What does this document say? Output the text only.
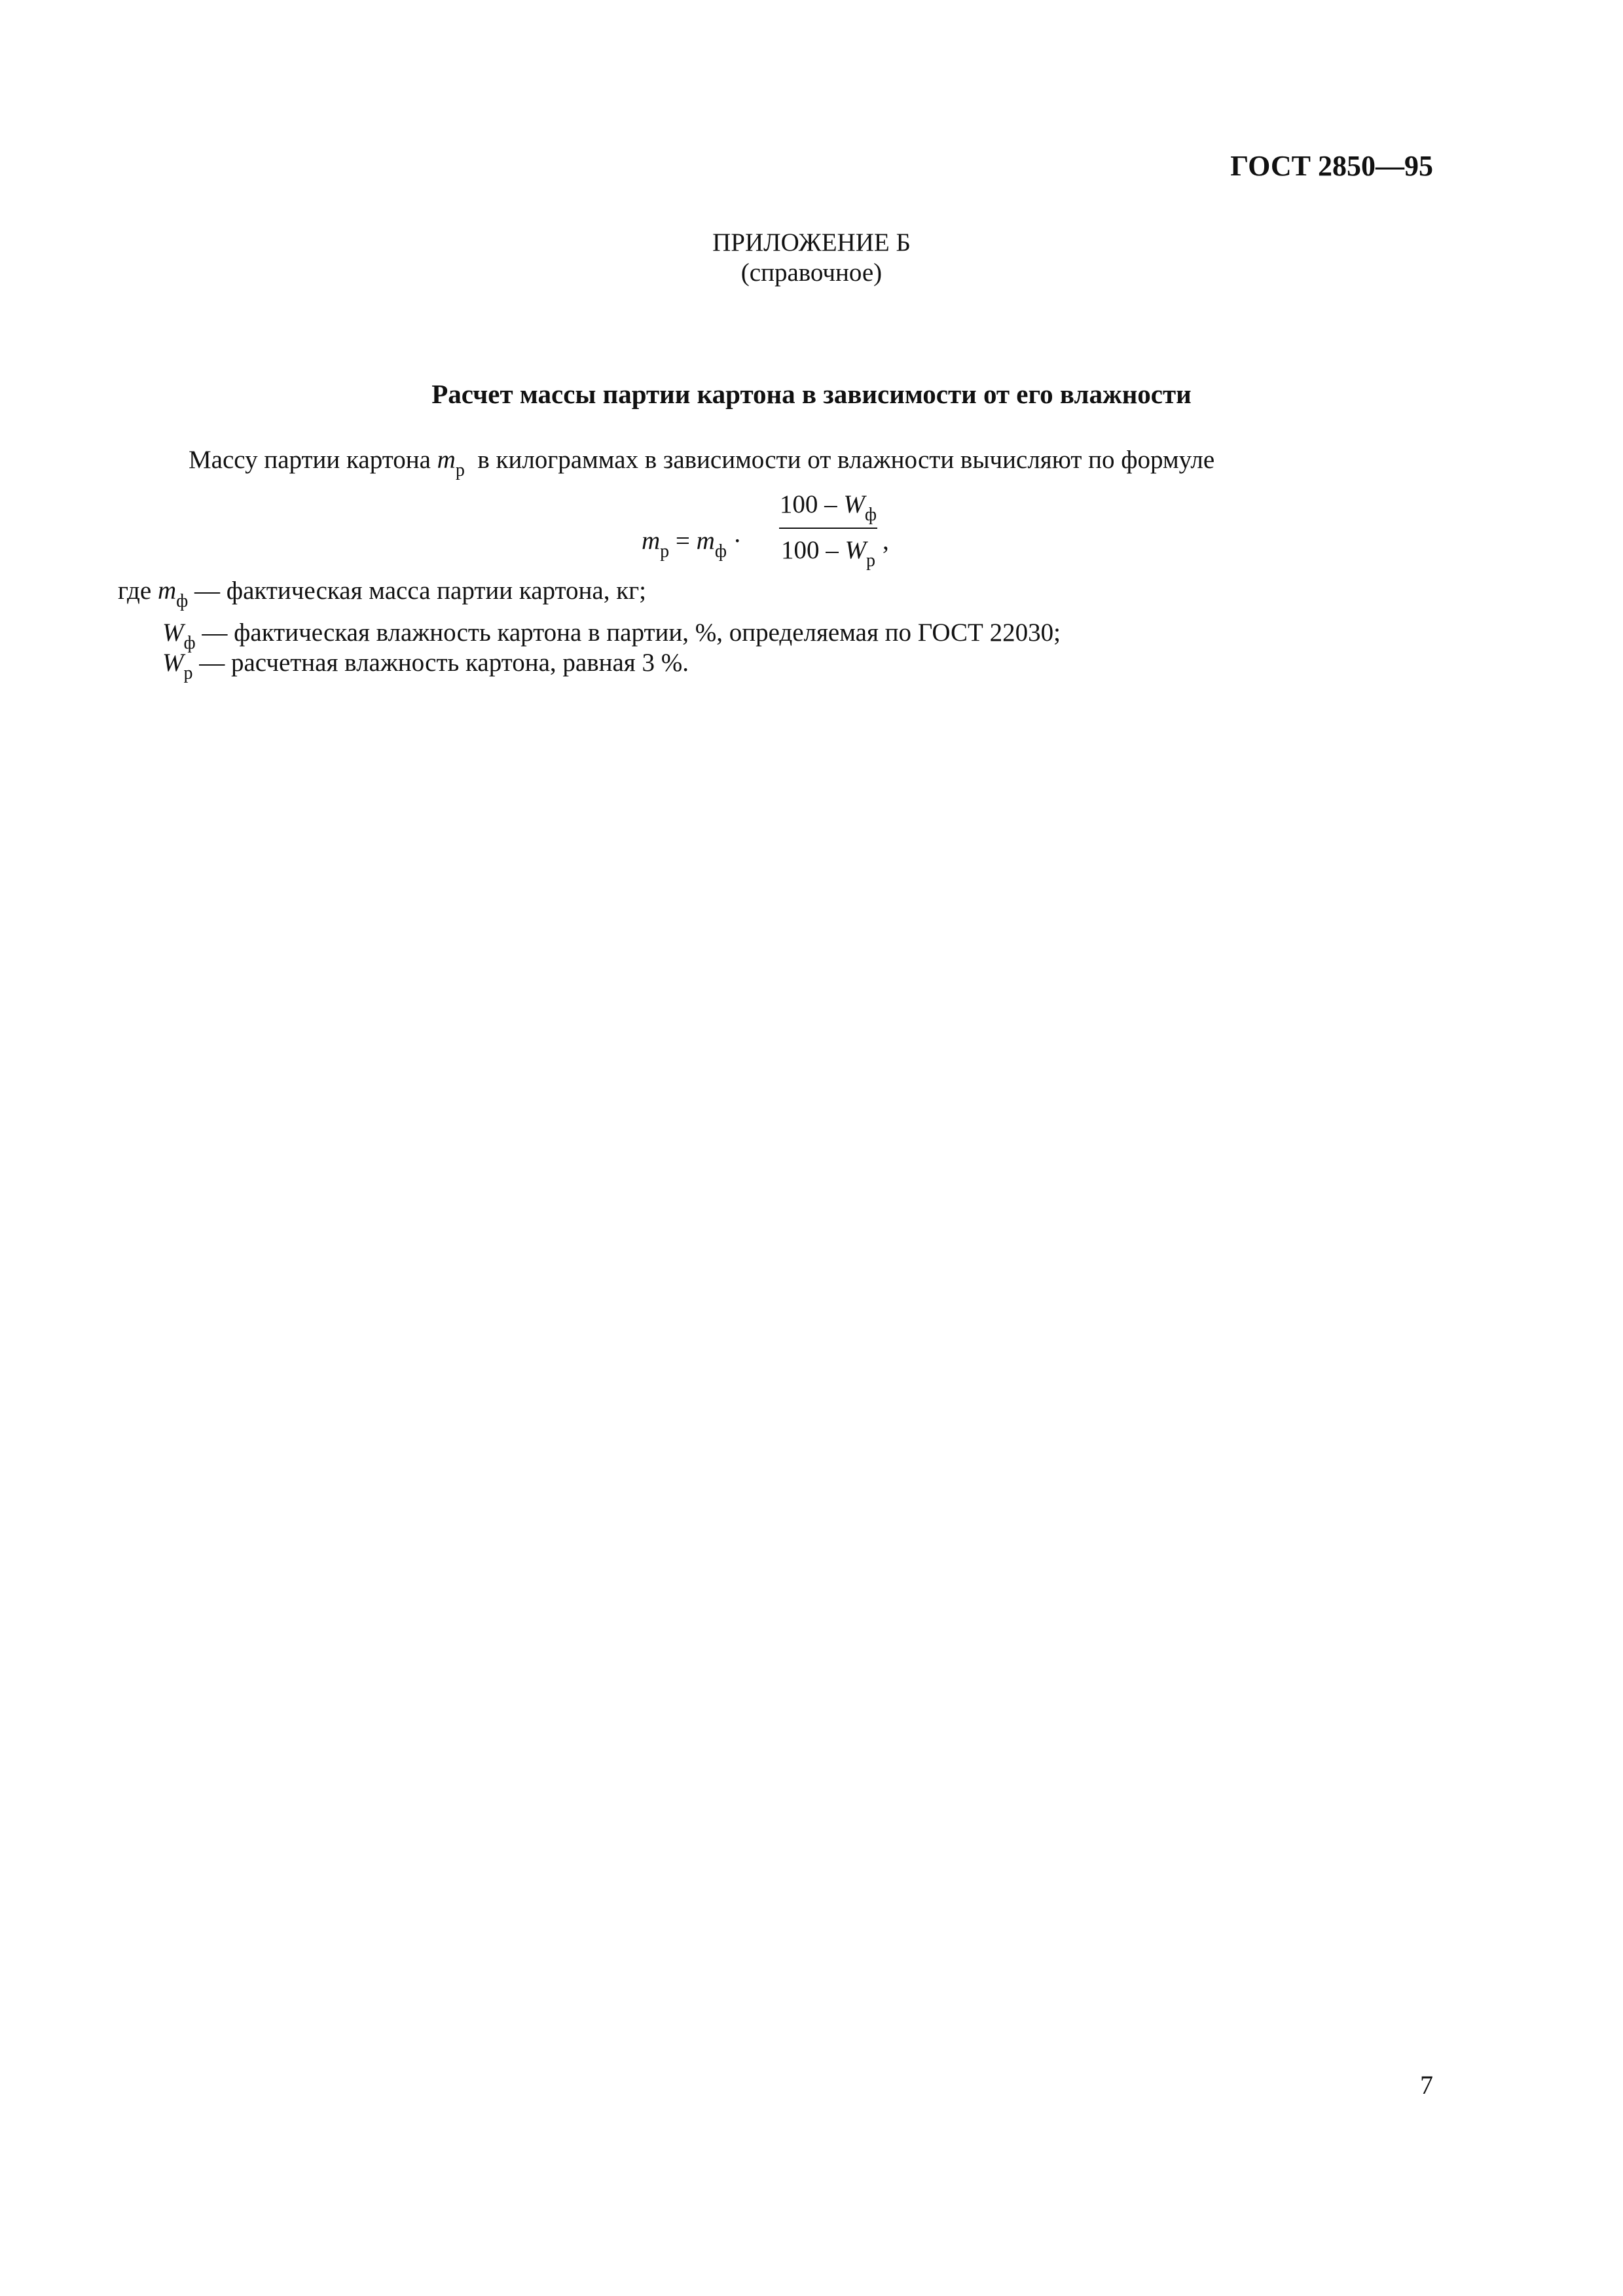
ГОСТ 2850—95
ПРИЛОЖЕНИЕ Б
(справочное)
Расчет массы партии картона в зависимости от его влажности
Массу партии картона $m_р$ в килограммах в зависимости от влажности вычисляют по формуле
$m_р = m_ф$ ·
$100 - W_ф$
$100 - W_р$
,
где $m_ф$ — фактическая масса партии картона, кг;
$W_ф$ — фактическая влажность картона в партии, %, определяемая по ГОСТ 22030;
$W_р$ — расчетная влажность картона, равная 3 %.
7
